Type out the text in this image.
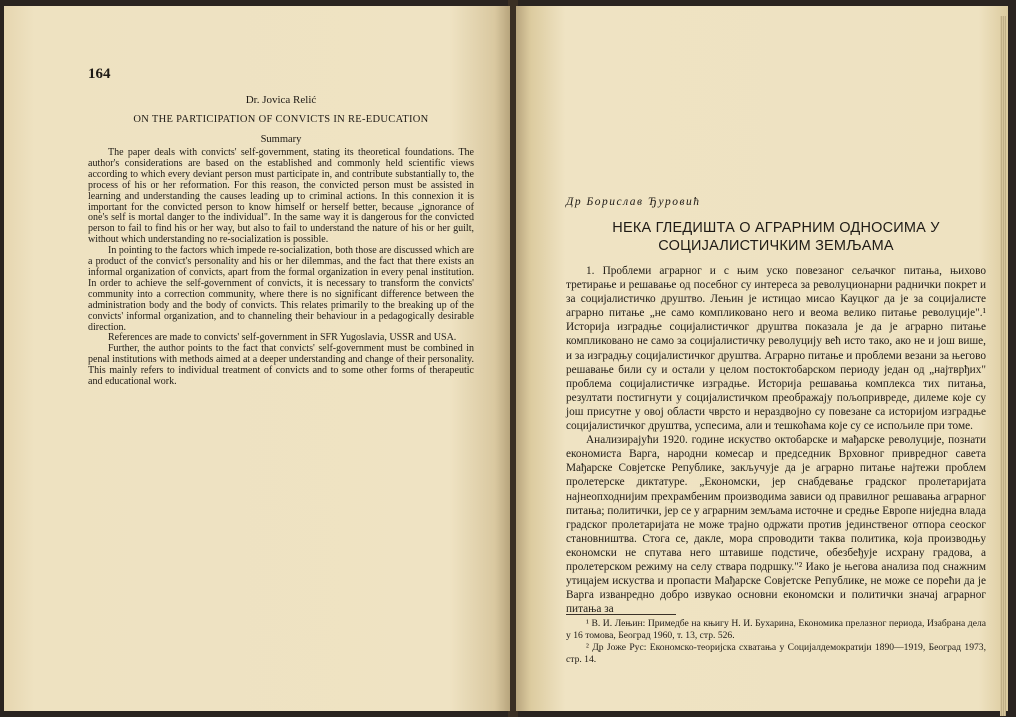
164
Dr. Jovica Relić
ON THE PARTICIPATION OF CONVICTS IN RE-EDUCATION
Summary

The paper deals with convicts' self-government, stating its theoretical foundations. The author's considerations are based on the established and commonly held scientific views according to which every deviant person must participate in, and contribute substantially to, the process of his or her reformation. For this reason, the convicted person must be assisted in learning and understanding the causes leading up to criminal actions. In this connexion it is important for the convicted person to know himself or herself better, because „ignorance of one's self is mortal danger to the individual". In the same way it is dangerous for the convicted person to fail to find his or her way, but also to fail to understand the nature of his or her guilt, without which understanding no re-socialization is possible.

In pointing to the factors which impede re-socialization, both those are discussed which are a product of the convict's personality and his or her dilemmas, and the fact that there exists an informal organization of convicts, apart from the formal organization in every penal institution. In order to achieve the self-government of convicts, it is necessary to transform the convicts' community into a correction community, where there is no significant difference between the administration body and the body of convicts. This relates primarily to the breaking up of the convicts' informal organization, and to channeling their behaviour in a pedagogically desirable direction.

References are made to convicts' self-government in SFR Yugoslavia, USSR and USA.

Further, the author points to the fact that convicts' self-government must be combined in penal institutions with methods aimed at a deeper understanding and change of their personality. This mainly refers to individual treatment of convicts and to some other forms of therapeutic and educational work.

Др Борислав Ђуровић
НЕКА ГЛЕДИШТА О АГРАРНИМ ОДНОСИМА У
СОЦИЈАЛИСТИЧКИМ ЗЕМЉАМА

1. Проблеми аграрног и с њим уско повезаног сељачког питања, њихово третирање и решавање од посебног су интереса за револуционарни раднички покрет и за социјалистичко друштво. Лењин је истицао мисао Кауцког да је за социјалисте аграрно питање „не само компликовано него и веома велико питање револуције".¹ Историја изградње социјалистичког друштва показала је да је аграрно питање компликовано не само за социјалистичку револуцију већ исто тако, ако не и још више, и за изградњу социјалистичког друштва. Аграрно питање и проблеми везани за његово решавање били су и остали у целом постоктобарском периоду један од „најтврђих" проблема социјалистичке изградње. Историја решавања комплекса тих питања, резултати постигнути у социјалистичком преображају пољопривреде, дилеме које су још присутне у овој области чврсто и нераздвојно су повезане са историјом изградње социјалистичког друштва, успесима, али и тешкоћама које су се испољиле при томе.

Анализирајући 1920. године искуство октобарске и мађарске револуције, познати економиста Варга, народни комесар и председник Врховног привредног савета Мађарске Совјетске Републике, закључује да је аграрно питање најтежи проблем пролетерске диктатуре. „Економски, јер снабдевање градског пролетаријата најнеопходнијим прехрамбеним производима зависи од правилног решавања аграрног питања; политички, јер се у аграрним земљама источне и средње Европе ниједна влада градског пролетаријата не може трајно одржати против јединственог отпора сеоског становништва. Стога се, дакле, мора спроводити таква политика, која производњу економски не спутава него штавише подстиче, обезбеђује исхрану градова, а пролетерском режиму на селу ствара подршку."² Иако је његова анализа под снажним утицајем искуства и пропасти Мађарске Совјетске Републике, не може се порећи да је Варга изванредно добро извукао основни економски и политички значај аграрног питања за

¹ В. И. Лењин: Примедбе на књигу Н. И. Бухарина, Економика прелазног периода, Изабрана дела у 16 томова, Београд 1960, т. 13, стр. 526.

² Др Јоже Рус: Економско-теоријска схватања у Социјалдемократији 1890—1919, Београд 1973, стр. 14.
